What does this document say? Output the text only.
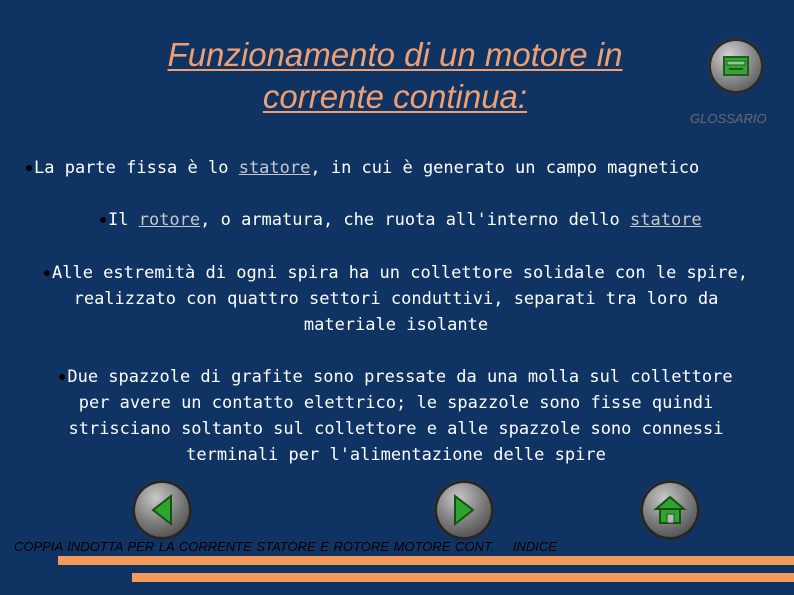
Funzionamento di un motore in
corrente continua:
GLOSSARIO
La parte fissa è lo statore, in cui è generato un campo magnetico
Il rotore, o armatura, che ruota all'interno dello statore
Alle estremità di ogni spira ha un collettore solidale con le spire,
realizzato con quattro settori conduttivi, separati tra loro da
materiale isolante
Due spazzole di grafite sono pressate da una molla sul collettore
per avere un contatto elettrico; le spazzole sono fisse quindi
strisciano soltanto sul collettore e alle spazzole sono connessi
terminali per l'alimentazione delle spire
COPPIA INDOTTA PER LA CORRENTE STATORE E ROTORE MOTORE CONT. INDICE
